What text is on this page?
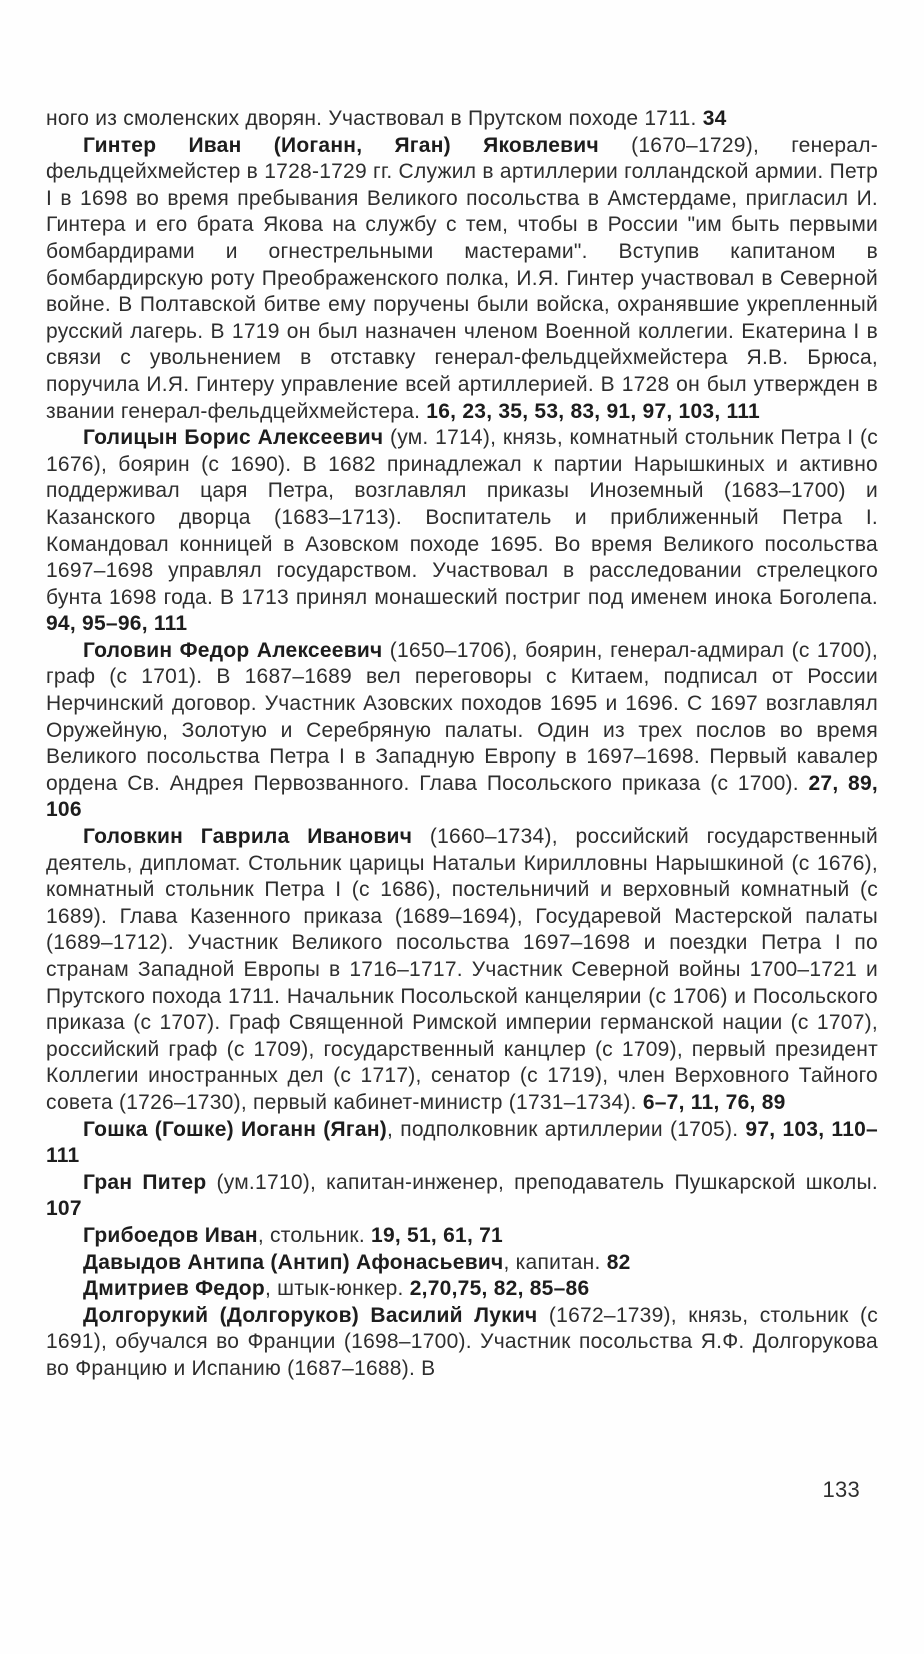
ного из смоленских дворян. Участвовал в Прутском походе 1711. 34

Гинтер Иван (Иоганн, Яган) Яковлевич (1670–1729), генерал-фельдцейхмейстер в 1728-1729 гг. Служил в артиллерии голландской армии. Петр I в 1698 во время пребывания Великого посольства в Амстердаме, пригласил И. Гинтера и его брата Якова на службу с тем, чтобы в России "им быть первыми бомбардирами и огнестрельными мастерами". Вступив капитаном в бомбардирскую роту Преображенского полка, И.Я. Гинтер участвовал в Северной войне. В Полтавской битве ему поручены были войска, охранявшие укрепленный русский лагерь. В 1719 он был назначен членом Военной коллегии. Екатерина I в связи с увольнением в отставку генерал-фельдцейхмейстера Я.В. Брюса, поручила И.Я. Гинтеру управление всей артиллерией. В 1728 он был утвержден в звании генерал-фельдцейхмейстера. 16, 23, 35, 53, 83, 91, 97, 103, 111

Голицын Борис Алексеевич (ум. 1714), князь, комнатный стольник Петра I (с 1676), боярин (с 1690). В 1682 принадлежал к партии Нарышкиных и активно поддерживал царя Петра, возглавлял приказы Иноземный (1683–1700) и Казанского дворца (1683–1713). Воспитатель и приближенный Петра I. Командовал конницей в Азовском походе 1695. Во время Великого посольства 1697–1698 управлял государством. Участвовал в расследовании стрелецкого бунта 1698 года. В 1713 принял монашеский постриг под именем инока Боголепа. 94, 95–96, 111

Головин Федор Алексеевич (1650–1706), боярин, генерал-адмирал (с 1700), граф (с 1701). В 1687–1689 вел переговоры с Китаем, подписал от России Нерчинский договор. Участник Азовских походов 1695 и 1696. С 1697 возглавлял Оружейную, Золотую и Серебряную палаты. Один из трех послов во время Великого посольства Петра I в Западную Европу в 1697–1698. Первый кавалер ордена Св. Андрея Первозванного. Глава Посольского приказа (с 1700). 27, 89, 106

Головкин Гаврила Иванович (1660–1734), российский государственный деятель, дипломат. Стольник царицы Натальи Кирилловны Нарышкиной (с 1676), комнатный стольник Петра I (с 1686), постельничий и верховный комнатный (с 1689). Глава Казенного приказа (1689–1694), Государевой Мастерской палаты (1689–1712). Участник Великого посольства 1697–1698 и поездки Петра I по странам Западной Европы в 1716–1717. Участник Северной войны 1700–1721 и Прутского похода 1711. Начальник Посольской канцелярии (с 1706) и Посольского приказа (с 1707). Граф Священной Римской империи германской нации (с 1707), российский граф (с 1709), государственный канцлер (с 1709), первый президент Коллегии иностранных дел (с 1717), сенатор (с 1719), член Верховного Тайного совета (1726–1730), первый кабинет-министр (1731–1734). 6–7, 11, 76, 89

Гошка (Гошке) Иоганн (Яган), подполковник артиллерии (1705). 97, 103, 110–111

Гран Питер (ум.1710), капитан-инженер, преподаватель Пушкарской школы. 107

Грибоедов Иван, стольник. 19, 51, 61, 71

Давыдов Антипа (Антип) Афонасьевич, капитан. 82

Дмитриев Федор, штык-юнкер. 2,70,75, 82, 85–86

Долгорукий (Долгоруков) Василий Лукич (1672–1739), князь, стольник (с 1691), обучался во Франции (1698–1700). Участник посольства Я.Ф. Долгорукова во Францию и Испанию (1687–1688). В

133
